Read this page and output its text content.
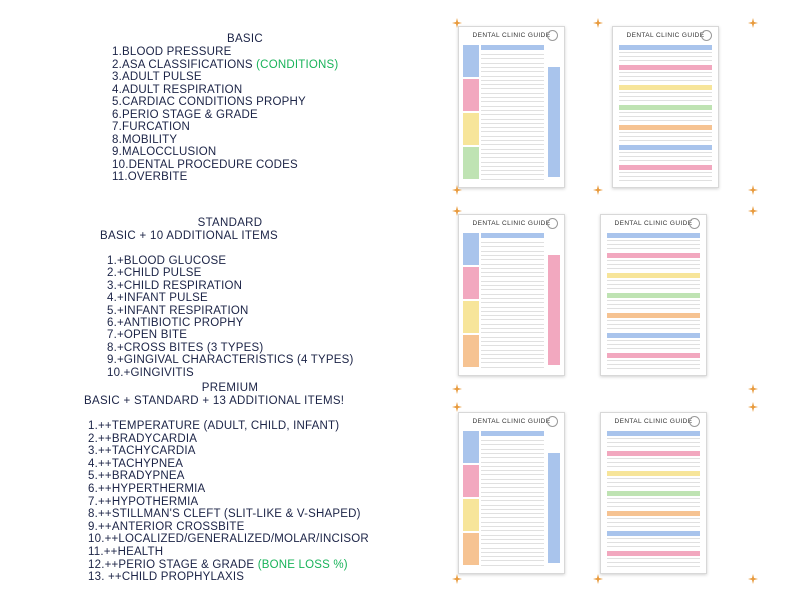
BASIC
1.BLOOD PRESSURE
2.ASA CLASSIFICATIONS (CONDITIONS)
3.ADULT PULSE
4.ADULT RESPIRATION
5.CARDIAC CONDITIONS PROPHY
6.PERIO STAGE & GRADE
7.FURCATION
8.MOBILITY
9.MALOCCLUSION
10.DENTAL PROCEDURE CODES
11.OVERBITE
STANDARD
BASIC + 10 ADDITIONAL ITEMS
1.+BLOOD GLUCOSE
2.+CHILD PULSE
3.+CHILD RESPIRATION
4.+INFANT PULSE
5.+INFANT RESPIRATION
6.+ANTIBIOTIC PROPHY
7.+OPEN BITE
8.+CROSS BITES (3 TYPES)
9.+GINGIVAL CHARACTERISTICS (4 TYPES)
10.+GINGIVITIS
PREMIUM
BASIC + STANDARD + 13 ADDITIONAL ITEMS!
1.++TEMPERATURE (ADULT, CHILD, INFANT)
2.++BRADYCARDIA
3.++TACHYCARDIA
4.++TACHYPNEA
5.++BRADYPNEA
6.++HYPERTHERMIA
7.++HYPOTHERMIA
8.++STILLMAN'S CLEFT (SLIT-LIKE & V-SHAPED)
9.++ANTERIOR CROSSBITE
10.++LOCALIZED/GENERALIZED/MOLAR/INCISOR
11.++HEALTH
12.++PERIO STAGE & GRADE (BONE LOSS %)
13. ++CHILD PROPHYLAXIS
DENTAL CLINIC GUIDE	DENTAL CLINIC GUIDE
DENTAL CLINIC GUIDE	DENTAL CLINIC GUIDE
DENTAL CLINIC GUIDE	DENTAL CLINIC GUIDE
